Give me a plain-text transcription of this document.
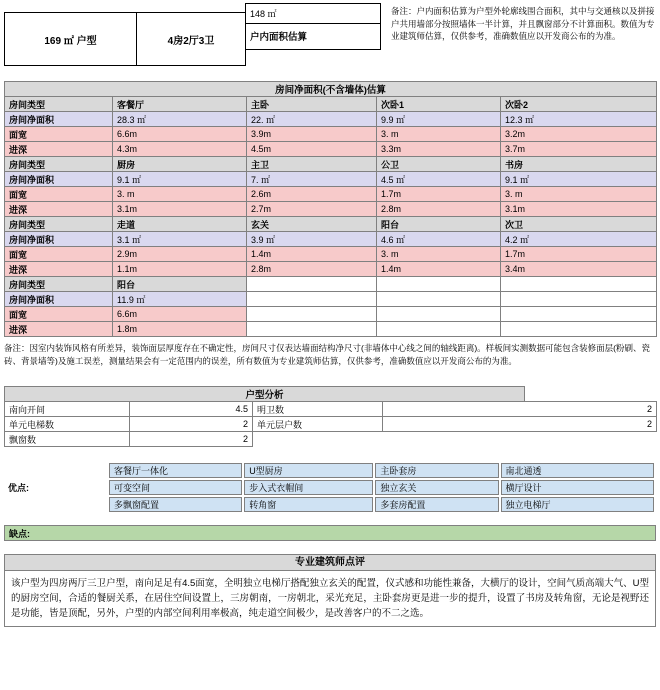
169 ㎡ 户型	4房2厅3卫
148 ㎡
户内面积估算
备注：户内面积估算为户型外轮廓线围合面积，其中与交通核以及拼接户共用墙部分按照墙体一半计算，并且飘窗部分不计算面积。数值为专业建筑师估算，仅供参考，准确数值应以开发商公布的为准。
房间净面积(不含墙体)估算				
房间类型	客餐厅	主卧	次卧1	次卧2
房间净面积	28.3 ㎡	22. ㎡	9.9 ㎡	12.3 ㎡
面宽	6.6m	3.9m	3. m	3.2m
进深	4.3m	4.5m	3.3m	3.7m
房间类型	厨房	主卫	公卫	书房
房间净面积	9.1 ㎡	7. ㎡	4.5 ㎡	9.1 ㎡
面宽	3. m	2.6m	1.7m	3. m
进深	3.1m	2.7m	2.8m	3.1m
房间类型	走道	玄关	阳台	次卫
房间净面积	3.1 ㎡	3.9 ㎡	4.6 ㎡	4.2 ㎡
面宽	2.9m	1.4m	3. m	1.7m
进深	1.1m	2.8m	1.4m	3.4m
房间类型	阳台			
房间净面积	11.9 ㎡			
面宽	6.6m			
进深	1.8m			

备注：因室内装饰风格有所差异，装饰面层厚度存在不确定性，房间尺寸仅表达墙面结构净尺寸(非墙体中心线之间的轴线距离)。样板间实测数据可能包含装修面层(粉刷、瓷砖、背景墙等)及施工误差，测量结果会有一定范围内的误差，所有数值为专业建筑师估算，仅供参考，准确数值应以开发商公布的为准。

户型分析				
南向开间	4.5	明卫数	2	
单元电梯数	2	单元层户数	2	
飘窗数	2			
优点:	客餐厅一体化	U型厨房	主卧套房	南北通透
	可变空间	步入式衣帽间	独立玄关	横厅设计
	多飘窗配置	转角窗	多套房配置	独立电梯厅
缺点:
专业建筑师点评
该户型为四房两厅三卫户型，南向足足有4.5面宽，全明独立电梯厅搭配独立玄关的配置，仪式感和功能性兼备，大横厅的设计，空间气质高端大气、U型的厨房空间，合适的餐厨关系，在居住空间设置上，三房朝南，一房朝北，采光充足，主卧套房更是进一步的提升，设置了书房及转角窗，无论是视野还是功能，皆是顶配，另外，户型的内部空间利用率极高，纯走道空间极少，是改善客户的不二之选。
